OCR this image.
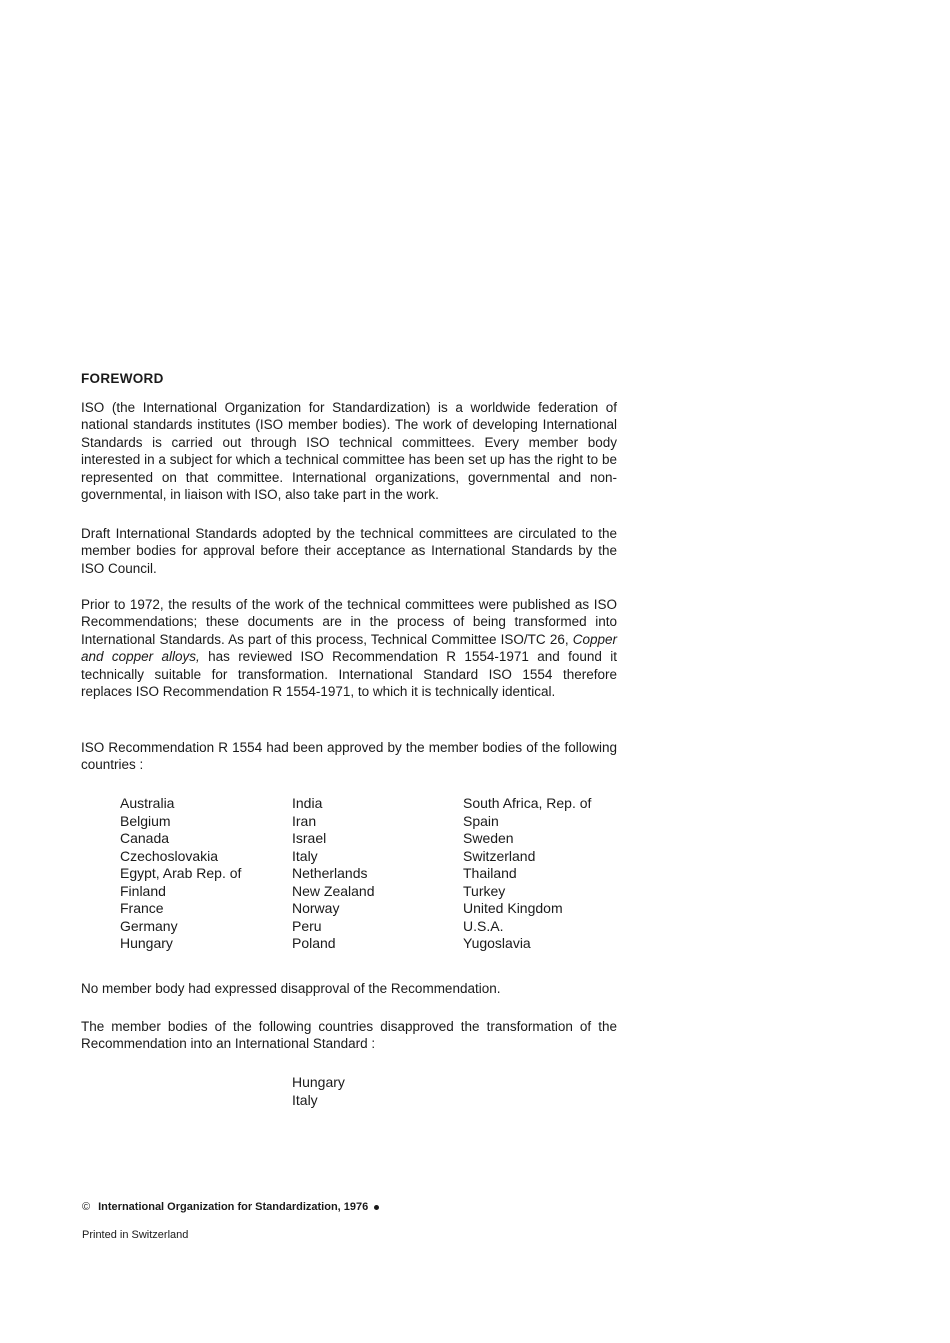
FOREWORD

ISO (the International Organization for Standardization) is a worldwide federation of national standards institutes (ISO member bodies). The work of developing International Standards is carried out through ISO technical committees. Every member body interested in a subject for which a technical committee has been set up has the right to be represented on that committee. International organizations, governmental and non-governmental, in liaison with ISO, also take part in the work.

Draft International Standards adopted by the technical committees are circulated to the member bodies for approval before their acceptance as International Standards by the ISO Council.

Prior to 1972, the results of the work of the technical committees were published as ISO Recommendations; these documents are in the process of being transformed into International Standards. As part of this process, Technical Committee ISO/TC 26, Copper and copper alloys, has reviewed ISO Recommendation R 1554-1971 and found it technically suitable for transformation. International Standard ISO 1554 therefore replaces ISO Recommendation R 1554-1971, to which it is technically identical.

ISO Recommendation R 1554 had been approved by the member bodies of the following countries :

Australia
Belgium
Canada
Czechoslovakia
Egypt, Arab Rep. of
Finland
France
Germany
Hungary
India
Iran
Israel
Italy
Netherlands
New Zealand
Norway
Peru
Poland
South Africa, Rep. of
Spain
Sweden
Switzerland
Thailand
Turkey
United Kingdom
U.S.A.
Yugoslavia

No member body had expressed disapproval of the Recommendation.

The member bodies of the following countries disapproved the transformation of the Recommendation into an International Standard :

Hungary
Italy
© International Organization for Standardization, 1976
Printed in Switzerland
